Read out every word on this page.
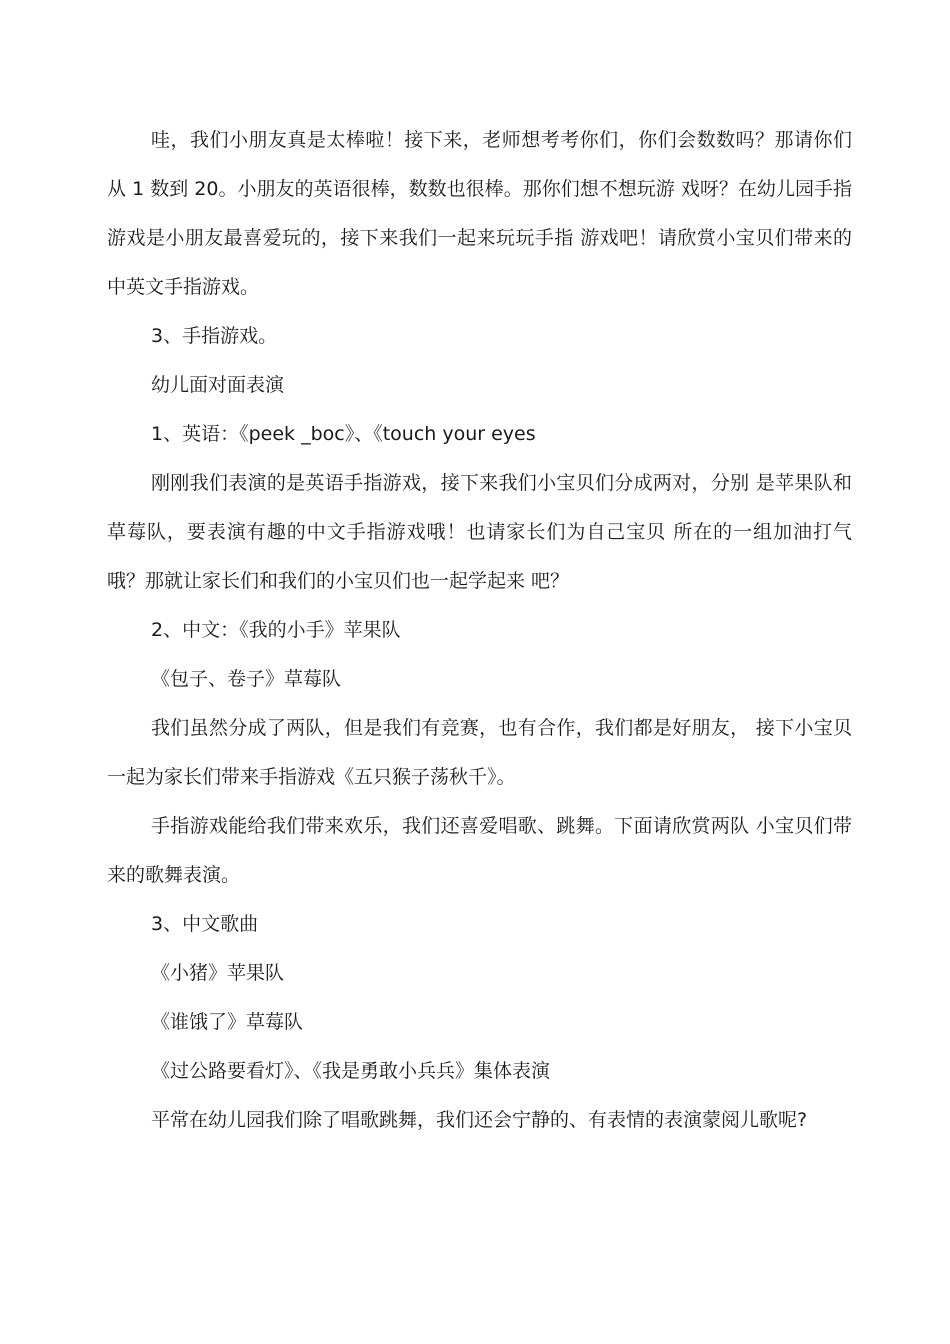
哇，我们小朋友真是太棒啦！接下来，老师想考考你们，你们会数数吗？那请你们从 1 数到 20。小朋友的英语很棒，数数也很棒。那你们想不想玩游 戏呀？在幼儿园手指游戏是小朋友最喜爱玩的，接下来我们一起来玩玩手指 游戏吧！请欣赏小宝贝们带来的中英文手指游戏。

3、手指游戏。

幼儿面对面表演

1、英语：《peek _boc》、《touch your eyes

刚刚我们表演的是英语手指游戏，接下来我们小宝贝们分成两对，分别 是苹果队和草莓队，要表演有趣的中文手指游戏哦！也请家长们为自己宝贝 所在的一组加油打气哦？那就让家长们和我们的小宝贝们也一起学起来 吧？

2、中文：《我的小手》苹果队

《包子、卷子》草莓队

我们虽然分成了两队，但是我们有竞赛，也有合作，我们都是好朋友， 接下小宝贝一起为家长们带来手指游戏《五只猴子荡秋千》。

手指游戏能给我们带来欢乐，我们还喜爱唱歌、跳舞。下面请欣赏两队 小宝贝们带来的歌舞表演。

3、中文歌曲

《小猪》苹果队

《谁饿了》草莓队

《过公路要看灯》、《我是勇敢小兵兵》集体表演

平常在幼儿园我们除了唱歌跳舞，我们还会宁静的、有表情的表演蒙阅儿歌呢?
